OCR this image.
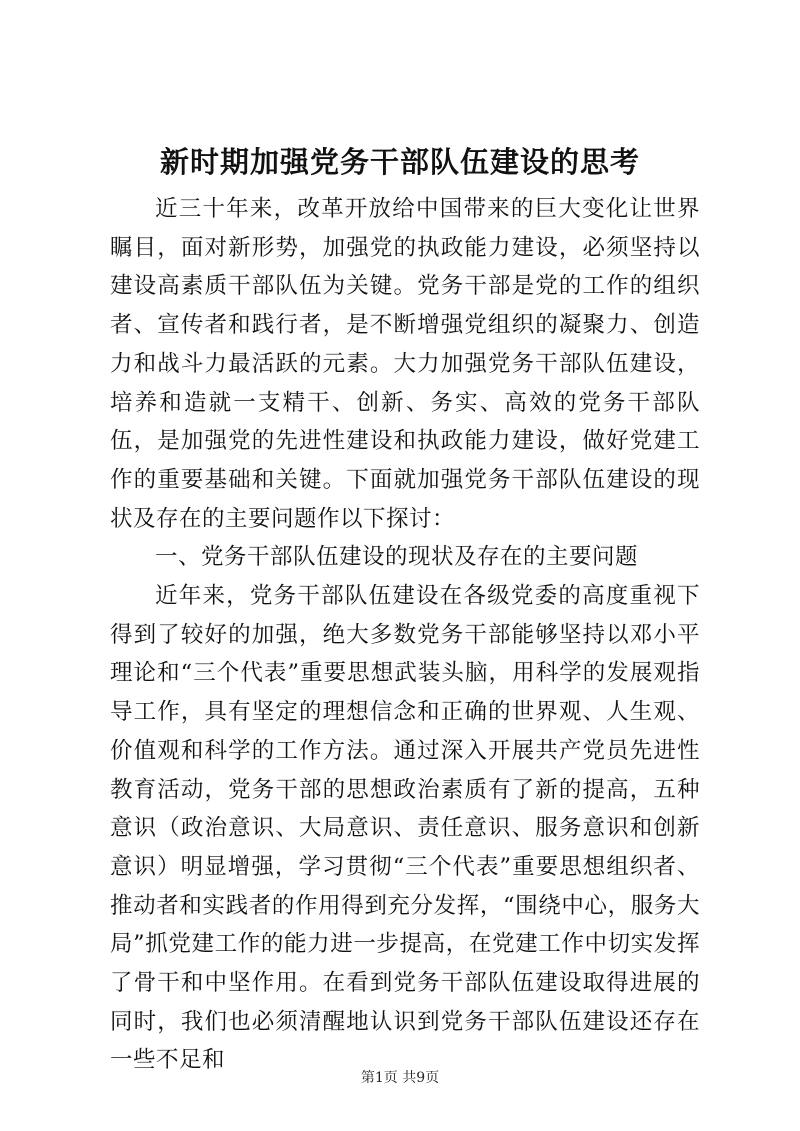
新时期加强党务干部队伍建设的思考

近三十年来，改革开放给中国带来的巨大变化让世界瞩目，面对新形势，加强党的执政能力建设，必须坚持以建设高素质干部队伍为关键。党务干部是党的工作的组织者、宣传者和践行者，是不断增强党组织的凝聚力、创造力和战斗力最活跃的元素。大力加强党务干部队伍建设，培养和造就一支精干、创新、务实、高效的党务干部队伍，是加强党的先进性建设和执政能力建设，做好党建工作的重要基础和关键。下面就加强党务干部队伍建设的现状及存在的主要问题作以下探讨：

一、党务干部队伍建设的现状及存在的主要问题

近年来，党务干部队伍建设在各级党委的高度重视下得到了较好的加强，绝大多数党务干部能够坚持以邓小平理论和“三个代表”重要思想武装头脑，用科学的发展观指导工作，具有坚定的理想信念和正确的世界观、人生观、价值观和科学的工作方法。通过深入开展共产党员先进性教育活动，党务干部的思想政治素质有了新的提高，五种意识（政治意识、大局意识、责任意识、服务意识和创新意识）明显增强，学习贯彻“三个代表”重要思想组织者、推动者和实践者的作用得到充分发挥，“围绕中心，服务大局”抓党建工作的能力进一步提高，在党建工作中切实发挥了骨干和中坚作用。在看到党务干部队伍建设取得进展的同时，我们也必须清醒地认识到党务干部队伍建设还存在一些不足和

第1页 共9页
